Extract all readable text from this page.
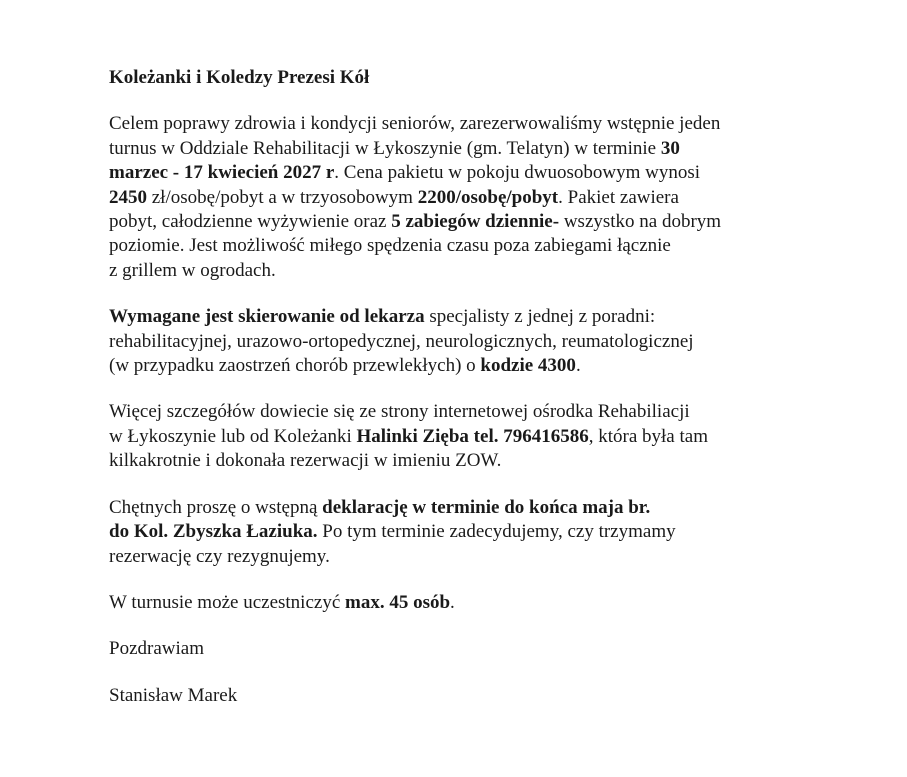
Koleżanki i Koledzy Prezesi Kół

Celem poprawy zdrowia i kondycji seniorów, zarezerwowaliśmy wstępnie jeden
turnus w Oddziale Rehabilitacji w Łykoszynie (gm. Telatyn) w terminie 30
marzec - 17 kwiecień 2027 r. Cena pakietu w pokoju dwuosobowym wynosi
2450 zł/osobę/pobyt a w trzyosobowym 2200/osobę/pobyt. Pakiet zawiera
pobyt, całodzienne wyżywienie oraz 5 zabiegów dziennie- wszystko na dobrym
poziomie. Jest możliwość miłego spędzenia czasu poza zabiegami łącznie
z grillem w ogrodach.
Wymagane jest skierowanie od lekarza specjalisty z jednej z poradni:
rehabilitacyjnej, urazowo-ortopedycznej, neurologicznych, reumatologicznej
(w przypadku zaostrzeń chorób przewlekłych) o kodzie 4300.
Więcej szczegółów dowiecie się ze strony internetowej ośrodka Rehabiliacji
w Łykoszynie lub od Koleżanki Halinki Zięba tel. 796416586, która była tam
kilkakrotnie i dokonała rezerwacji w imieniu ZOW.
Chętnych proszę o wstępną deklarację w terminie do końca maja br.
do Kol. Zbyszka Łaziuka. Po tym terminie zadecydujemy, czy trzymamy
rezerwację czy rezygnujemy.
W turnusie może uczestniczyć max. 45 osób.
Pozdrawiam
Stanisław Marek
